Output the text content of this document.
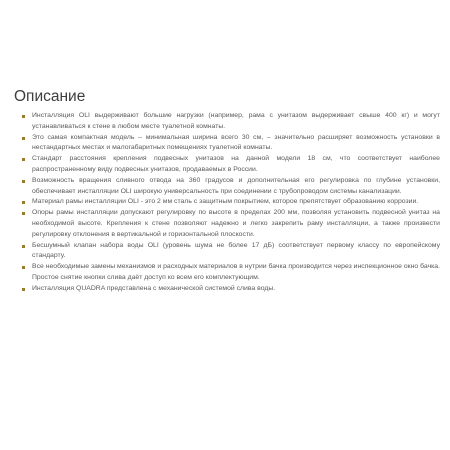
Описание
Инсталляция OLI выдерживают большие нагрузки (например, рама с унитазом выдерживает свыше 400 кг) и могут устанавливаться к стене в любом месте туалетной комнаты.
Это самая компактная модель – минимальная ширина всего 30 см, – значительно расширяет возможность установки в нестандартных местах и малогабаритных помещениях туалетной комнаты.
Стандарт расстояния крепления подвесных унитазов на данной модели 18 см, что соответствует наиболее распространенному виду подвесных унитазов, продаваемых в России.
Возможность вращения сливного отвода на 360 градусов и дополнительная его регулировка по глубине установки, обеспечивает инсталляции OLI широкую универсальность при соединении с трубопроводом системы канализации.
Материал рамы инсталляции OLI - это 2 мм сталь с защитным покрытием, которое препятствует образованию коррозии.
Опоры рамы инсталляции допускают регулировку по высоте в пределах 200 мм, позволяя установить подвесной унитаз на необходимой высоте. Крепления к стене позволяют надежно и легко закрепить раму инсталляции, а также произвести регулировку отклонения в вертикальной и горизонтальной плоскости.
Бесшумный клапан набора воды OLI (уровень шума не более 17 дБ) соответствует первому классу по европейскому стандарту.
Все необходимые замены механизмов и расходных материалов в нутрии бачка производится через инспекционное окно бачка. Простое снятие кнопки слива даёт доступ ко всем его комплектующим.
Инсталляция QUADRA представлена с механической системой слива воды.
